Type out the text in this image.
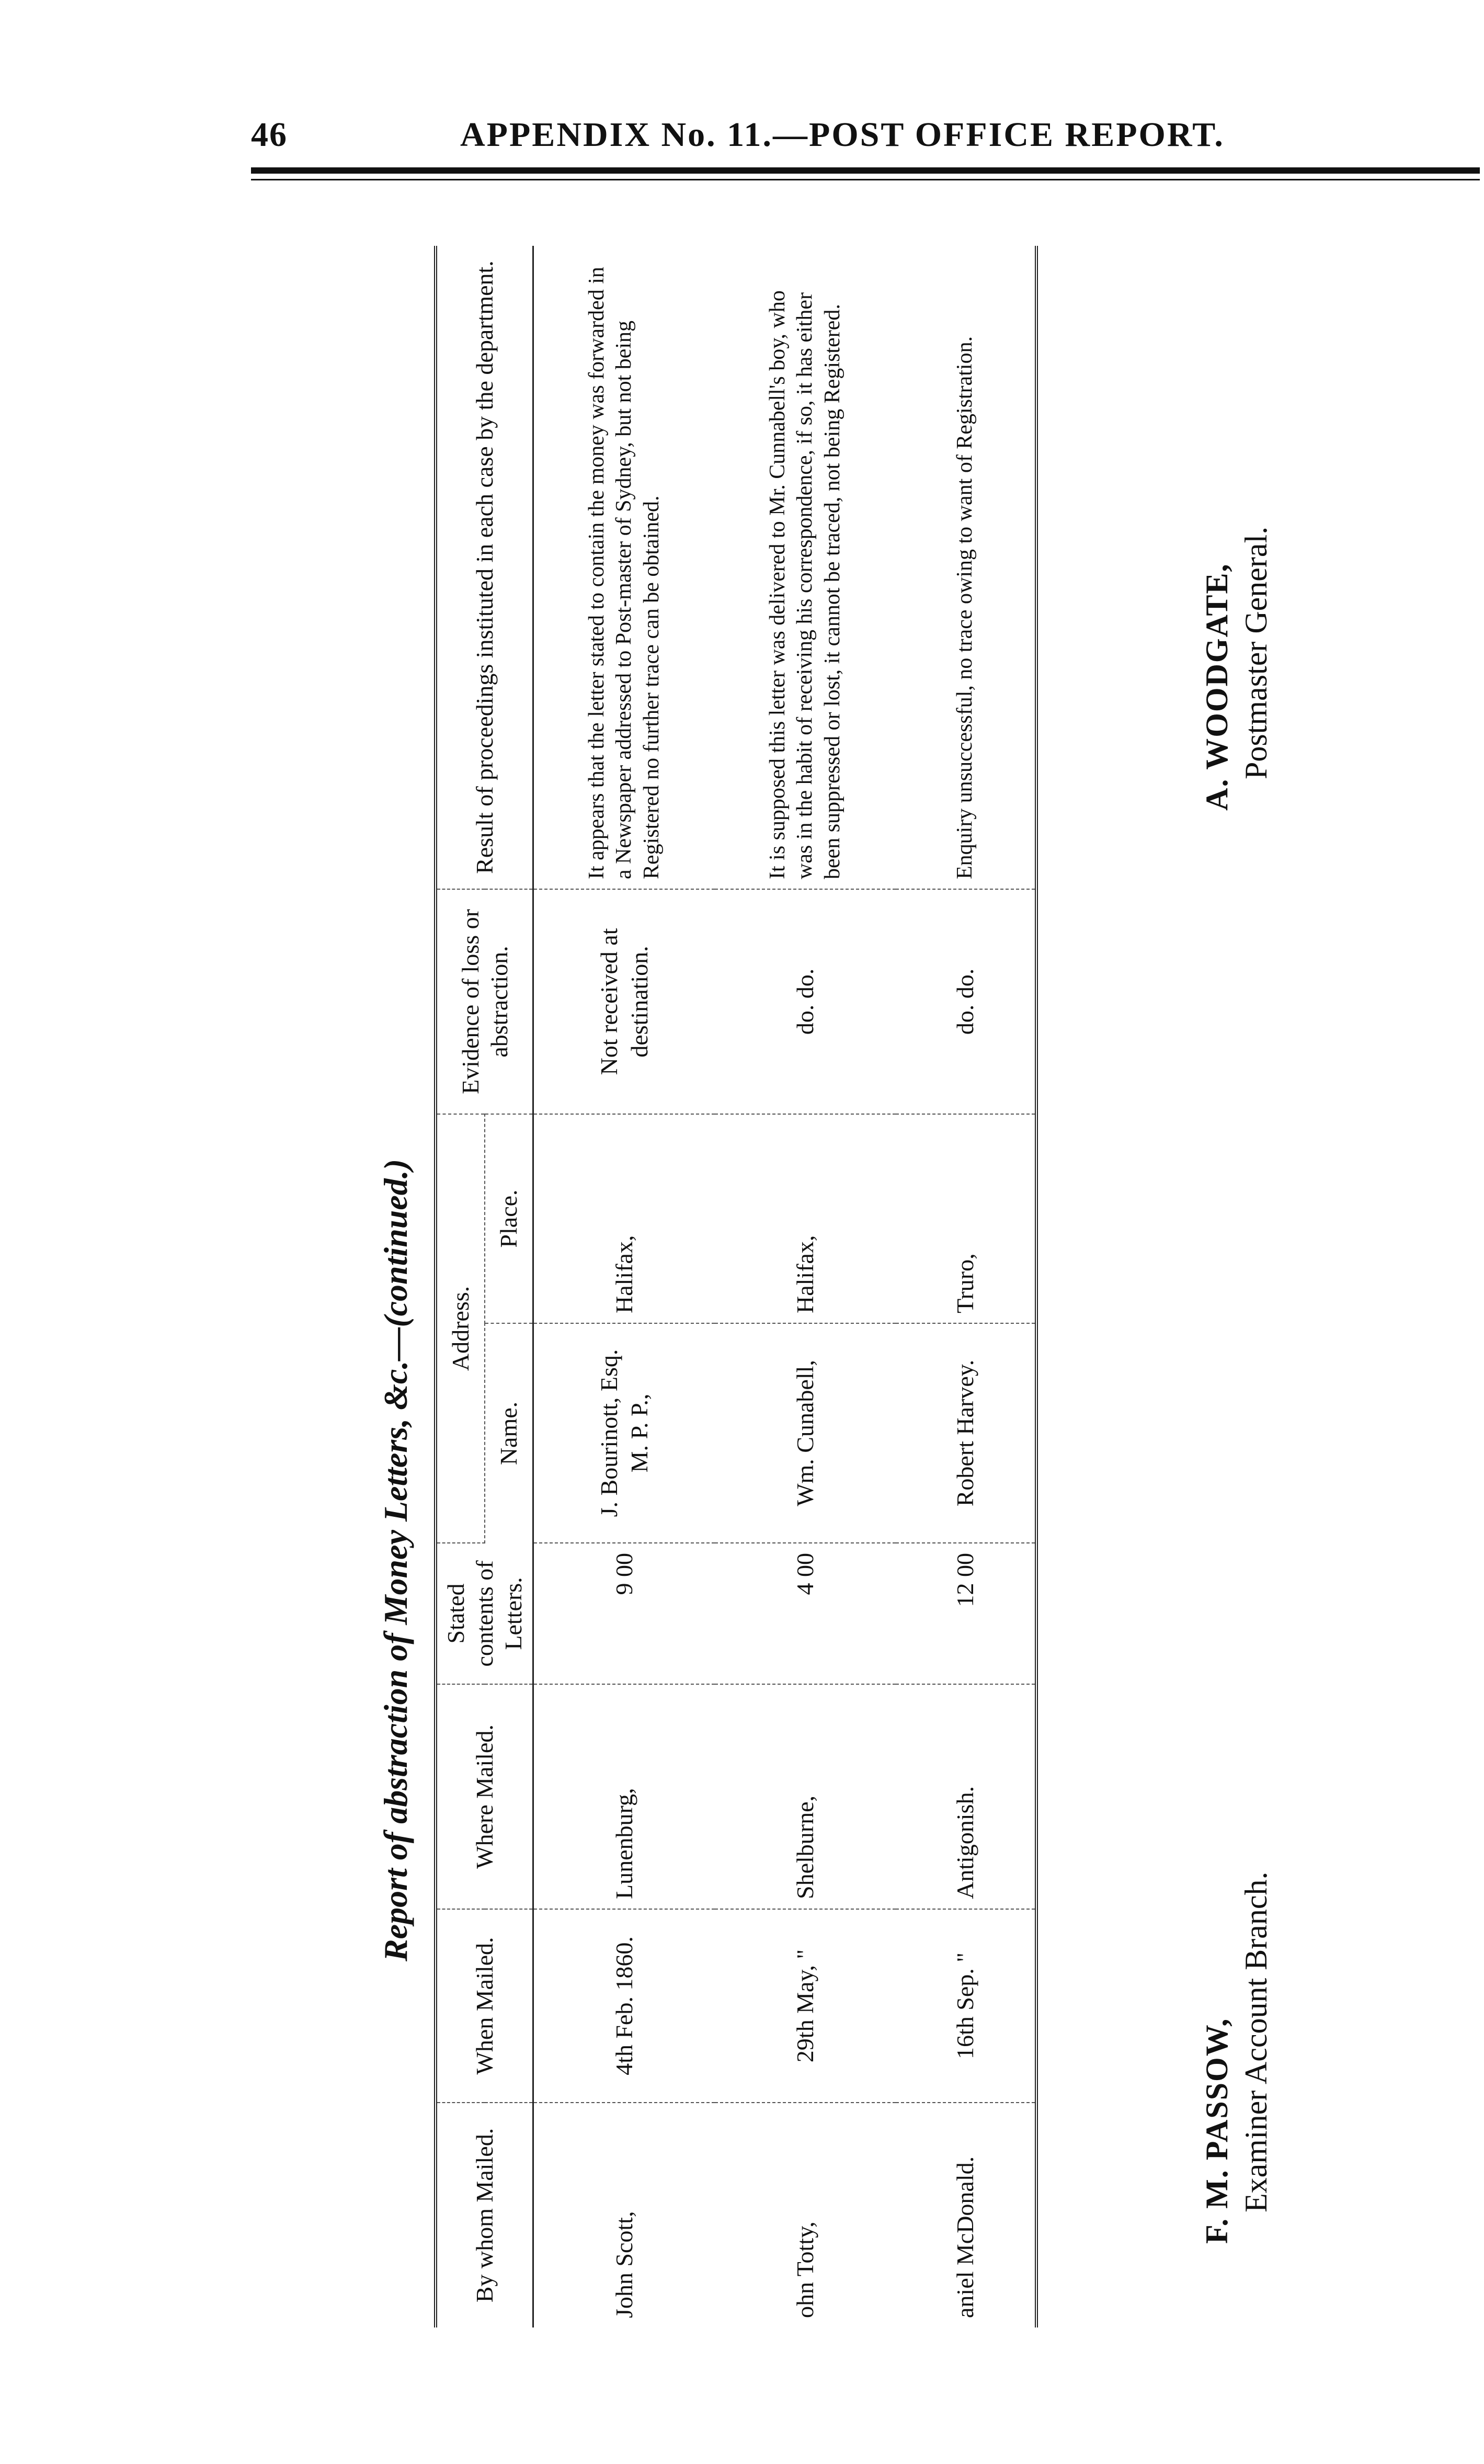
46	APPENDIX No. 11.—POST OFFICE REPORT.
Report of abstraction of Money Letters, &c.—(continued.)
By whom Mailed.	When Mailed.	Where Mailed.	Stated contents of Letters.	Address.		Evidence of loss or abstraction.	Result of proceedings instituted in each case by the department.
				Name.	Place.		
John Scott,	4th Feb. 1860.	Lunenburg,	9 00	J. Bourinott, Esq. M. P. P.,	Halifax,	Not received at destination.	It appears that the letter stated to contain the money was forwarded in a Newspaper addressed to Post-master of Sydney, but not being Registered no further trace can be obtained.
ohn Totty,	29th May, "	Shelburne,	4 00	Wm. Cunabell,	Halifax,	do. do.	It is supposed this letter was delivered to Mr. Cunnabell's boy, who was in the habit of receiving his correspondence, if so, it has either been suppressed or lost, it cannot be traced, not being Registered.
aniel McDonald.	16th Sep. "	Antigonish.	12 00	Robert Harvey.	Truro,	do. do.	Enquiry unsuccessful, no trace owing to want of Registration.
F. M. PASSOW, Examiner Account Branch.
A. WOODGATE, Postmaster General.
